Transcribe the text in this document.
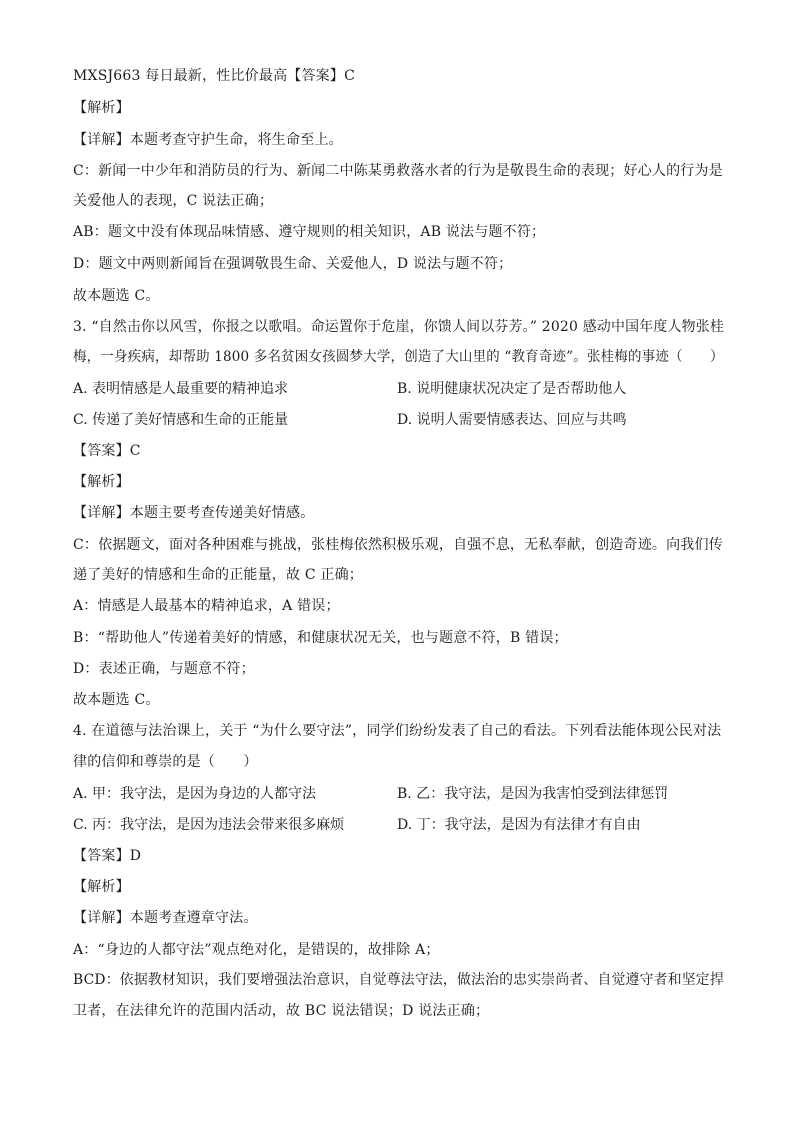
MXSJ663 每日最新，性比价最高【答案】C
【解析】
【详解】本题考查守护生命，将生命至上。
C：新闻一中少年和消防员的行为、新闻二中陈某勇救落水者的行为是敬畏生命的表现；好心人的行为是
关爱他人的表现，C 说法正确；
AB：题文中没有体现品味情感、遵守规则的相关知识，AB 说法与题不符；
D：题文中两则新闻旨在强调敬畏生命、关爱他人，D 说法与题不符；
故本题选 C。
3. “自然击你以风雪，你报之以歌唱。命运置你于危崖，你馈人间以芬芳。” 2020 感动中国年度人物张桂
梅，一身疾病，却帮助 1800 多名贫困女孩圆梦大学，创造了大山里的 “教育奇迹”。张桂梅的事迹（　　）
A. 表明情感是人最重要的精神追求	B. 说明健康状况决定了是否帮助他人
C. 传递了美好情感和生命的正能量	D. 说明人需要情感表达、回应与共鸣
【答案】C
【解析】
【详解】本题主要考查传递美好情感。
C：依据题文，面对各种困难与挑战，张桂梅依然积极乐观，自强不息，无私奉献，创造奇迹。向我们传
递了美好的情感和生命的正能量，故 C 正确；
A：情感是人最基本的精神追求，A 错误；
B：“帮助他人”传递着美好的情感，和健康状况无关，也与题意不符，B 错误；
D：表述正确，与题意不符；
故本题选 C。
4. 在道德与法治课上，关于 “为什么要守法”，同学们纷纷发表了自己的看法。下列看法能体现公民对法
律的信仰和尊崇的是（　　）
A. 甲：我守法，是因为身边的人都守法	B. 乙：我守法，是因为我害怕受到法律惩罚
C. 丙：我守法，是因为违法会带来很多麻烦	D. 丁：我守法，是因为有法律才有自由
【答案】D
【解析】
【详解】本题考查遵章守法。
A：“身边的人都守法”观点绝对化，是错误的，故排除 A；
BCD：依据教材知识，我们要增强法治意识，自觉尊法守法，做法治的忠实崇尚者、自觉遵守者和坚定捍
卫者，在法律允许的范围内活动，故 BC 说法错误；D 说法正确；
